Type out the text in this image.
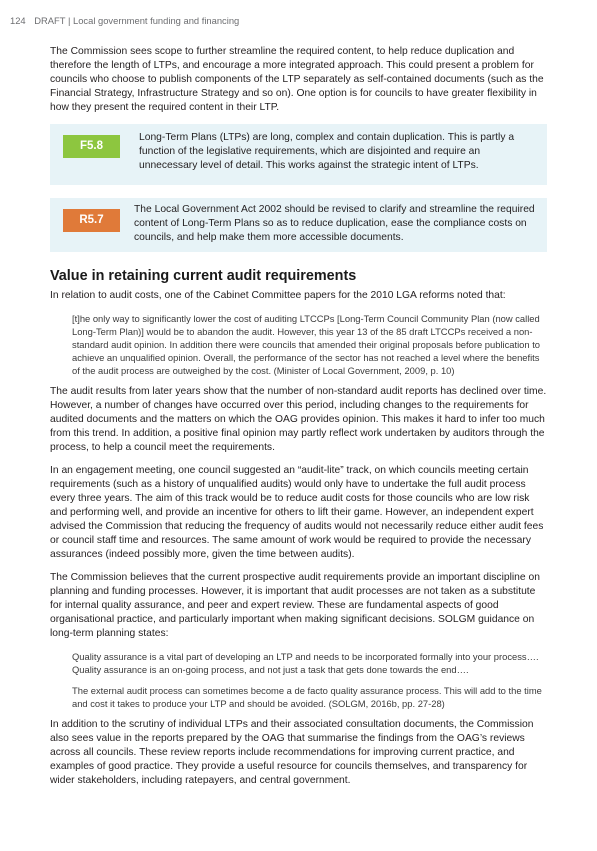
124 DRAFT | Local government funding and financing

The Commission sees scope to further streamline the required content, to help reduce duplication and therefore the length of LTPs, and encourage a more integrated approach. This could present a problem for councils who choose to publish components of the LTP separately as self-contained documents (such as the Financial Strategy, Infrastructure Strategy and so on). One option is for councils to have greater flexibility in how they present the required content in their LTP.

F5.8
Long-Term Plans (LTPs) are long, complex and contain duplication. This is partly a function of the legislative requirements, which are disjointed and require an unnecessary level of detail. This works against the strategic intent of LTPs.
R5.7
The Local Government Act 2002 should be revised to clarify and streamline the required content of Long-Term Plans so as to reduce duplication, ease the compliance costs on councils, and help make them more accessible documents.
Value in retaining current audit requirements

In relation to audit costs, one of the Cabinet Committee papers for the 2010 LGA reforms noted that:

[t]he only way to significantly lower the cost of auditing LTCCPs [Long-Term Council Community Plan (now called Long-Term Plan)] would be to abandon the audit. However, this year 13 of the 85 draft LTCCPs received a non-standard audit opinion. In addition there were councils that amended their original proposals before publication to achieve an unqualified opinion. Overall, the performance of the sector has not reached a level where the benefits of the audit process are outweighed by the cost. (Minister of Local Government, 2009, p. 10)

The audit results from later years show that the number of non-standard audit reports has declined over time. However, a number of changes have occurred over this period, including changes to the requirements for audited documents and the matters on which the OAG provides opinion. This makes it hard to infer too much from this trend. In addition, a positive final opinion may partly reflect work undertaken by auditors through the process, to help a council meet the requirements.

In an engagement meeting, one council suggested an “audit-lite” track, on which councils meeting certain requirements (such as a history of unqualified audits) would only have to undertake the full audit process every three years. The aim of this track would be to reduce audit costs for those councils who are low risk and performing well, and provide an incentive for others to lift their game. However, an independent expert advised the Commission that reducing the frequency of audits would not necessarily reduce either audit fees or council staff time and resources. The same amount of work would be required to provide the necessary assurances (indeed possibly more, given the time between audits).

The Commission believes that the current prospective audit requirements provide an important discipline on planning and funding processes. However, it is important that audit processes are not taken as a substitute for internal quality assurance, and peer and expert review. These are fundamental aspects of good organisational practice, and particularly important when making significant decisions. SOLGM guidance on long-term planning states:

Quality assurance is a vital part of developing an LTP and needs to be incorporated formally into your process…. Quality assurance is an on-going process, and not just a task that gets done towards the end….
The external audit process can sometimes become a de facto quality assurance process. This will add to the time and cost it takes to produce your LTP and should be avoided. (SOLGM, 2016b, pp. 27-28)

In addition to the scrutiny of individual LTPs and their associated consultation documents, the Commission also sees value in the reports prepared by the OAG that summarise the findings from the OAG’s reviews across all councils. These review reports include recommendations for improving current practice, and examples of good practice. They provide a useful resource for councils themselves, and transparency for wider stakeholders, including ratepayers, and central government.
